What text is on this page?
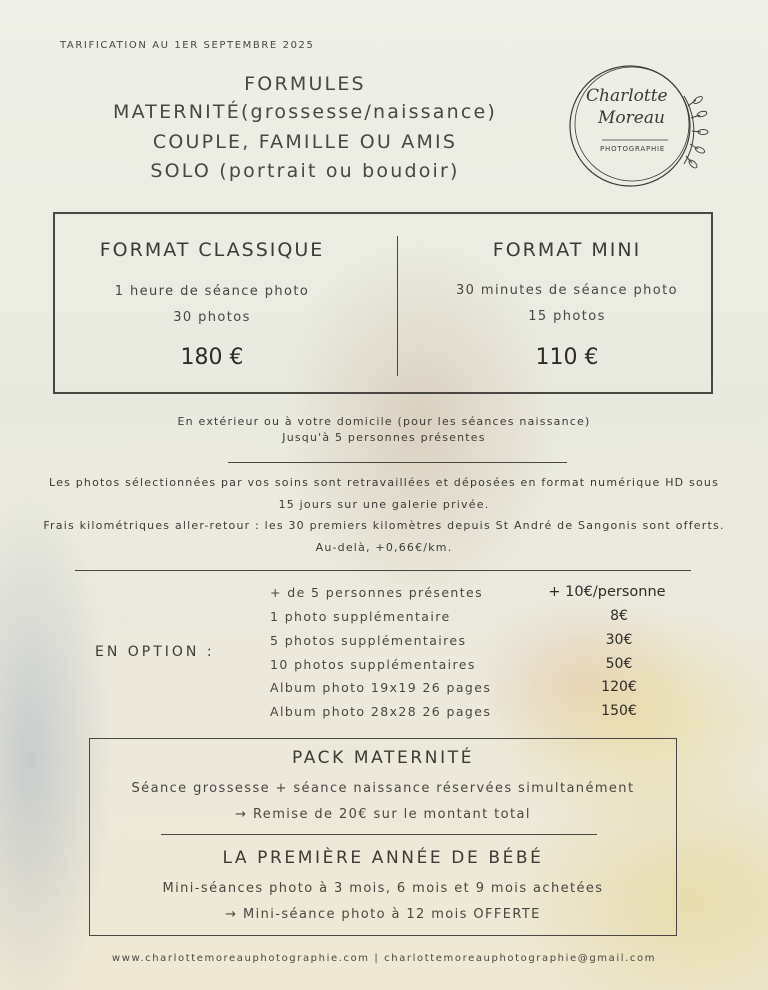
TARIFICATION AU 1ER SEPTEMBRE 2025
FORMULES
MATERNITÉ(grossesse/naissance)
COUPLE, FAMILLE OU AMIS
SOLO (portrait ou boudoir)
Charlotte
Moreau
PHOTOGRAPHIE
FORMAT CLASSIQUE
1 heure de séance photo
30 photos
180 €
FORMAT MINI
30 minutes de séance photo
15 photos
110 €
En extérieur ou à votre domicile (pour les séances naissance)
Jusqu'à 5 personnes présentes
Les photos sélectionnées par vos soins sont retravaillées et déposées en format numérique HD sous
15 jours sur une galerie privée.
Frais kilométriques aller-retour : les 30 premiers kilomètres depuis St André de Sangonis sont offerts.
Au-delà, +0,66€/km.
EN OPTION :
+ de 5 personnes présentes	+ 10€/personne
1 photo supplémentaire	8€
5 photos supplémentaires	30€
10 photos supplémentaires	50€
Album photo 19x19 26 pages	120€
Album photo 28x28 26 pages	150€
PACK MATERNITÉ
Séance grossesse + séance naissance réservées simultanément
→ Remise de 20€ sur le montant total
LA PREMIÈRE ANNÉE DE BÉBÉ
Mini-séances photo à 3 mois, 6 mois et 9 mois achetées
→ Mini-séance photo à 12 mois OFFERTE
www.charlottemoreauphotographie.com | charlottemoreauphotographie@gmail.com
